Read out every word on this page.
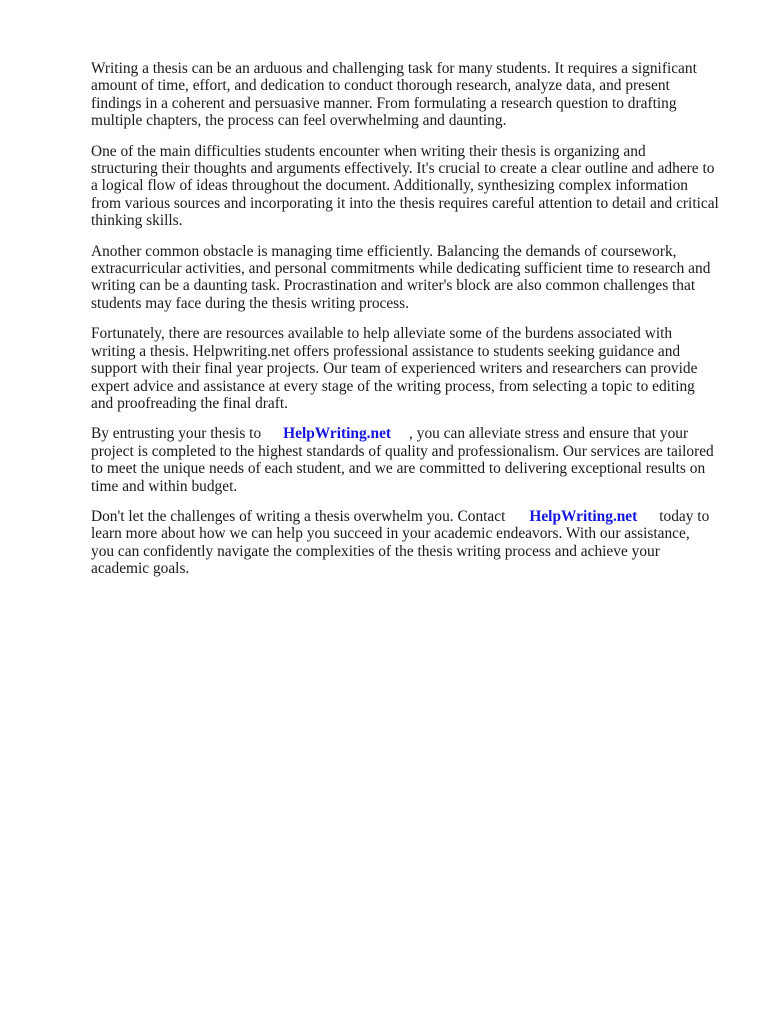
Writing a thesis can be an arduous and challenging task for many students. It requires a significant
amount of time, effort, and dedication to conduct thorough research, analyze data, and present
findings in a coherent and persuasive manner. From formulating a research question to drafting
multiple chapters, the process can feel overwhelming and daunting.

One of the main difficulties students encounter when writing their thesis is organizing and
structuring their thoughts and arguments effectively. It's crucial to create a clear outline and adhere to
a logical flow of ideas throughout the document. Additionally, synthesizing complex information
from various sources and incorporating it into the thesis requires careful attention to detail and critical
thinking skills.

Another common obstacle is managing time efficiently. Balancing the demands of coursework,
extracurricular activities, and personal commitments while dedicating sufficient time to research and
writing can be a daunting task. Procrastination and writer's block are also common challenges that
students may face during the thesis writing process.

Fortunately, there are resources available to help alleviate some of the burdens associated with
writing a thesis. Helpwriting.net offers professional assistance to students seeking guidance and
support with their final year projects. Our team of experienced writers and researchers can provide
expert advice and assistance at every stage of the writing process, from selecting a topic to editing
and proofreading the final draft.

By entrusting your thesis to HelpWriting.net , you can alleviate stress and ensure that your
project is completed to the highest standards of quality and professionalism. Our services are tailored
to meet the unique needs of each student, and we are committed to delivering exceptional results on
time and within budget.

Don't let the challenges of writing a thesis overwhelm you. Contact HelpWriting.net today to
learn more about how we can help you succeed in your academic endeavors. With our assistance,
you can confidently navigate the complexities of the thesis writing process and achieve your
academic goals.
